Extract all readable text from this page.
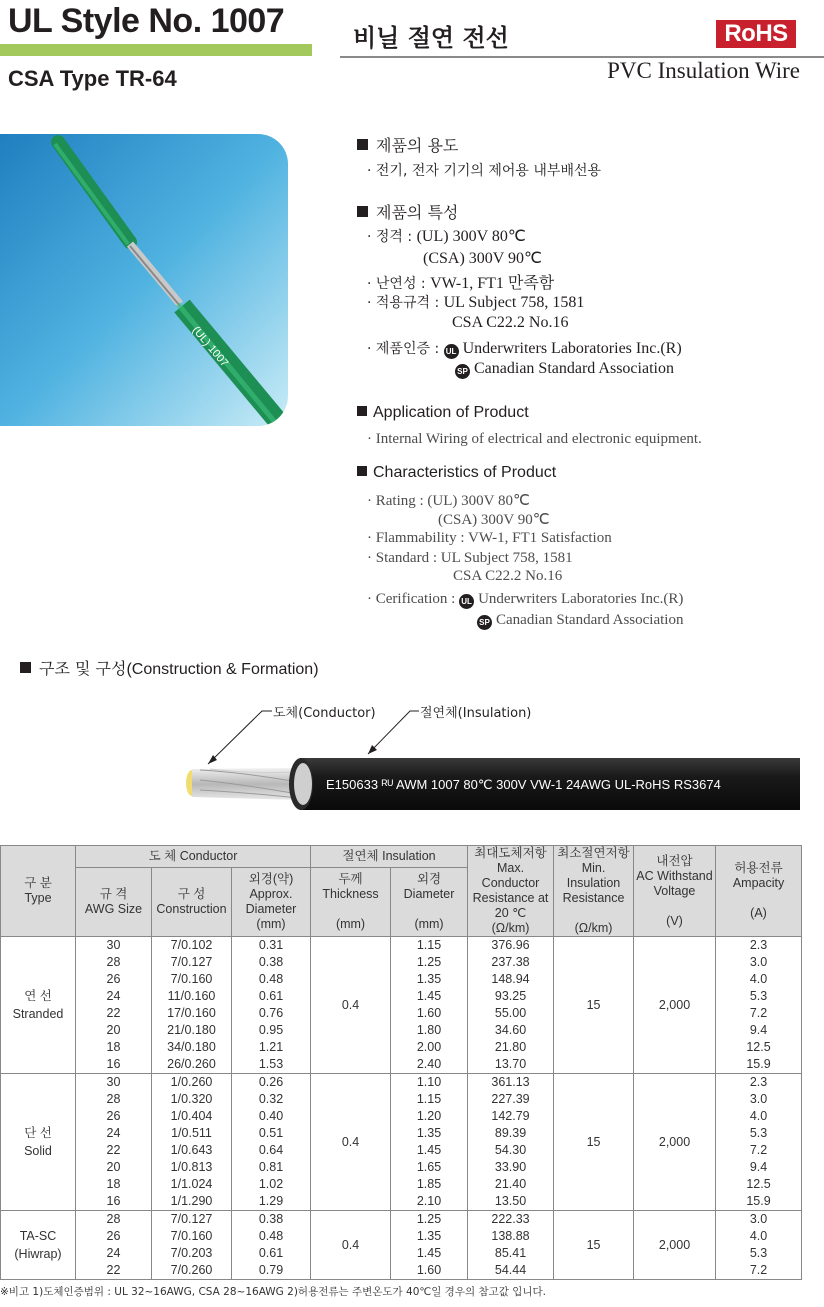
UL Style No. 1007
CSA Type TR-64
비닐 절연 전선	RoHS
PVC Insulation Wire
(UL) 1007
제품의 용도
· 전기, 전자 기기의 제어용 내부배선용
제품의 특성
· 정격 : (UL) 300V 80℃
(CSA) 300V 90℃
· 난연성 : VW-1, FT1 만족함
· 적용규격 : UL Subject 758, 1581
CSA C22.2 No.16
· 제품인증 : UL Underwriters Laboratories Inc.(R)
SP Canadian Standard Association
Application of Product
· Internal Wiring of electrical and electronic equipment.
Characteristics of Product
· Rating : (UL) 300V 80℃
(CSA) 300V 90℃
· Flammability : VW-1, FT1 Satisfaction
· Standard : UL Subject 758, 1581
CSA C22.2 No.16
· Cerification : UL Underwriters Laboratories Inc.(R)
SP Canadian Standard Association
구조 및 구성(Construction & Formation)
도체(Conductor)	절연체(Insulation)
E150633 ᴿᵁ AWM 1007 80℃ 300V VW-1 24AWG UL-RoHS RS3674
구 분
Type	도 체 Conductor			절연체 Insulation		최대도체저항
Max. Conductor
Resistance at
20 ℃
(Ω/km)	최소절연저항
Min. Insulation
Resistance

(Ω/km)	내전압
AC Withstand
Voltage

(V)	허용전류
Ampacity

(A)
	규 격
AWG Size	구 성
Construction	외경(약)
Approx.
Diameter
(mm)	두께
Thickness

(mm)	외경
Diameter

(mm)				
연 선
Stranded	30	7/0.102	0.31	0.4	1.15	376.96	15	2,000	2.3
	28	7/0.127	0.38		1.25	237.38			3.0
	26	7/0.160	0.48		1.35	148.94			4.0
	24	11/0.160	0.61		1.45	93.25			5.3
	22	17/0.160	0.76		1.60	55.00			7.2
	20	21/0.180	0.95		1.80	34.60			9.4
	18	34/0.180	1.21		2.00	21.80			12.5
	16	26/0.260	1.53		2.40	13.70			15.9
단 선
Solid	30	1/0.260	0.26	0.4	1.10	361.13	15	2,000	2.3
	28	1/0.320	0.32		1.15	227.39			3.0
	26	1/0.404	0.40		1.20	142.79			4.0
	24	1/0.511	0.51		1.35	89.39			5.3
	22	1/0.643	0.64		1.45	54.30			7.2
	20	1/0.813	0.81		1.65	33.90			9.4
	18	1/1.024	1.02		1.85	21.40			12.5
	16	1/1.290	1.29		2.10	13.50			15.9
TA-SC
(Hiwrap)	28	7/0.127	0.38	0.4	1.25	222.33	15	2,000	3.0
	26	7/0.160	0.48		1.35	138.88			4.0
	24	7/0.203	0.61		1.45	85.41			5.3
	22	7/0.260	0.79		1.60	54.44			7.2
※비고 1)도체인증범위 : UL 32~16AWG, CSA 28~16AWG 2)허용전류는 주변온도가 40℃일 경우의 참고값 입니다.
